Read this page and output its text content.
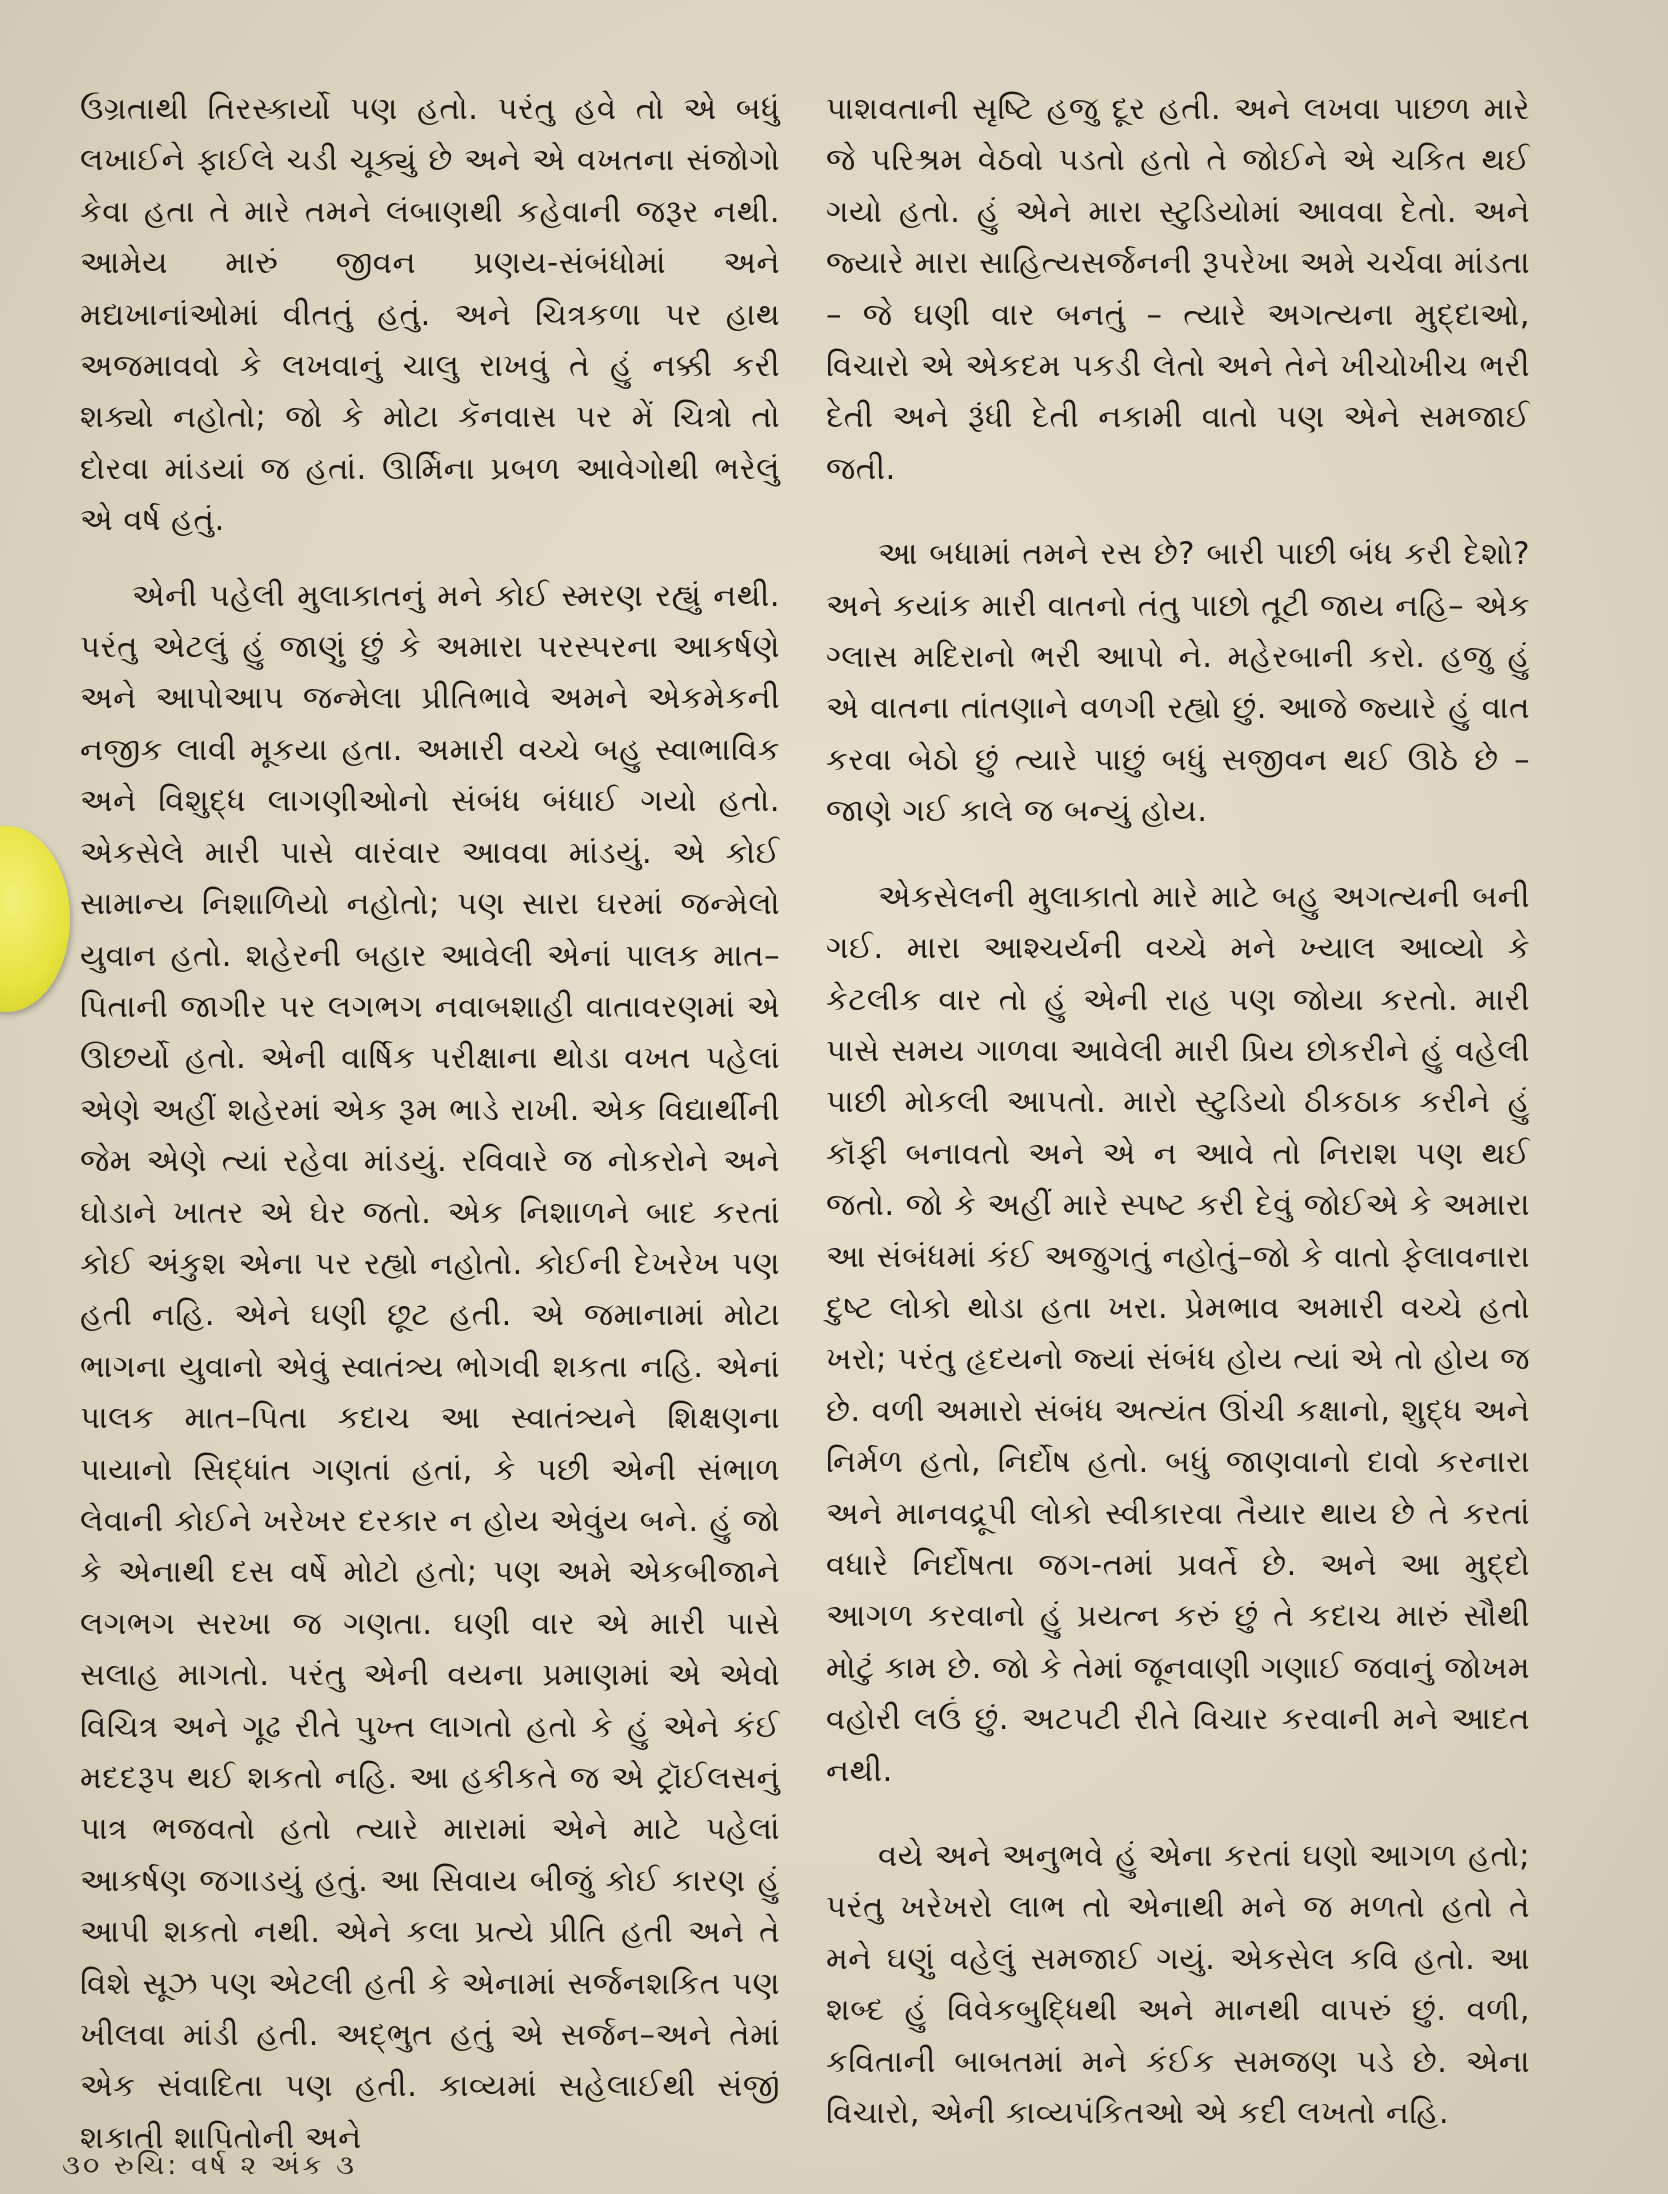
ઉગ્રતાથી તિરસ્કાર્યો પણ હતો. પરંતુ હવે તો એ બધું લખાઈને ફાઈલે ચડી ચૂક્યું છે અને એ વખતના સંજોગો કેવા હતા તે મારે તમને લંબાણથી કહેવાની જરૂર નથી. આમેય મારું જીવન પ્રણય-સંબંધોમાં અને મદ્યખાનાંઓમાં વીતતું હતું. અને ચિત્રકળા પર હાથ અજમાવવો કે લખવાનું ચાલુ રાખવું તે હું નક્કી કરી શક્યો નહોતો; જો કે મોટા કૅનવાસ પર મેં ચિત્રો તો દોરવા માંડયાં જ હતાં. ઊર્મિના પ્રબળ આવેગોથી ભરેલું એ વર્ષ હતું.

એની પહેલી મુલાકાતનું મને કોઈ સ્મરણ રહ્યું નથી. પરંતુ એટલું હું જાણું છું કે અમારા પરસ્પરના આકર્ષણે અને આપોઆપ જન્મેલા પ્રીતિભાવે અમને એકમેકની નજીક લાવી મૂકયા હતા. અમારી વચ્ચે બહુ સ્વાભાવિક અને વિશુદ્ધ લાગણીઓનો સંબંધ બંધાઈ ગયો હતો. એકસેલે મારી પાસે વારંવાર આવવા માંડયું. એ કોઈ સામાન્ય નિશાળિયો નહોતો; પણ સારા ઘરમાં જન્મેલો યુવાન હતો. શહેરની બહાર આવેલી એનાં પાલક માત–પિતાની જાગીર પર લગભગ નવાબશાહી વાતાવરણમાં એ ઊછર્યો હતો. એની વાર્ષિક પરીક્ષાના થોડા વખત પહેલાં એણે અહીં શહેરમાં એક રૂમ ભાડે રાખી. એક વિદ્યાર્થીની જેમ એણે ત્યાં રહેવા માંડયું. રવિવારે જ નોકરોને અને ઘોડાને ખાતર એ ઘેર જતો. એક નિશાળને બાદ કરતાં કોઈ અંકુશ એના પર રહ્યો નહોતો. કોઈની દેખરેખ પણ હતી નહિ. એને ઘણી છૂટ હતી. એ જમાનામાં મોટા ભાગના યુવાનો એવું સ્વાતંત્ર્ય ભોગવી શકતા નહિ. એનાં પાલક માત–પિતા કદાચ આ સ્વાતંત્ર્યને શિક્ષણના પાયાનો સિદ્ધાંત ગણતાં હતાં, કે પછી એની સંભાળ લેવાની કોઈને ખરેખર દરકાર ન હોય એવુંય બને. હું જો કે એનાથી દસ વર્ષે મોટો હતો; પણ અમે એકબીજાને લગભગ સરખા જ ગણતા. ઘણી વાર એ મારી પાસે સલાહ માગતો. પરંતુ એની વયના પ્રમાણમાં એ એવો વિચિત્ર અને ગૂઢ રીતે પુખ્ત લાગતો હતો કે હું એને કંઈ મદદરૂપ થઈ શકતો નહિ. આ હકીકતે જ એ ટ્રૉઈલસનું પાત્ર ભજવતો હતો ત્યારે મારામાં એને માટે પહેલાં આકર્ષણ જગાડયું હતું. આ સિવાય બીજું કોઈ કારણ હું આપી શકતો નથી. એને કલા પ્રત્યે પ્રીતિ હતી અને તે વિશે સૂઝ પણ એટલી હતી કે એનામાં સર્જનશકિત પણ ખીલવા માંડી હતી. અદ્‌ભુત હતું એ સર્જન–અને તેમાં એક સંવાદિતા પણ હતી. કાવ્યમાં સહેલાઈથી સંજીં શકાતી શાપિતોની અને

પાશવતાની સૃષ્ટિ હજુ દૂર હતી. અને લખવા પાછળ મારે જે પરિશ્રમ વેઠવો પડતો હતો તે જોઈને એ ચકિત થઈ ગયો હતો. હું એને મારા સ્ટુડિયોમાં આવવા દેતો. અને જ્યારે મારા સાહિત્યસર્જનની રૂપરેખા અમે ચર્ચવા માંડતા – જે ઘણી વાર બનતું – ત્યારે અગત્યના મુદ્દાઓ, વિચારો એ એકદમ પકડી લેતો અને તેને ખીચોખીચ ભરી દેતી અને રૂંધી દેતી નકામી વાતો પણ એને સમજાઈ જતી.

આ બધામાં તમને રસ છે? બારી પાછી બંધ કરી દેશો? અને કયાંક મારી વાતનો તંતુ પાછો તૂટી જાય નહિ– એક ગ્લાસ મદિરાનો ભરી આપો ને. મહેરબાની કરો. હજુ હું એ વાતના તાંતણાને વળગી રહ્યો છું. આજે જ્યારે હું વાત કરવા બેઠો છું ત્યારે પાછું બધું સજીવન થઈ ઊઠે છે – જાણે ગઈ કાલે જ બન્યું હોય.

એકસેલની મુલાકાતો મારે માટે બહુ અગત્યની બની ગઈ. મારા આશ્ચર્યની વચ્ચે મને ખ્યાલ આવ્યો કે કેટલીક વાર તો હું એની રાહ પણ જોયા કરતો. મારી પાસે સમય ગાળવા આવેલી મારી પ્રિય છોકરીને હું વહેલી પાછી મોકલી આપતો. મારો સ્ટુડિયો ઠીકઠાક કરીને હું કૉફી બનાવતો અને એ ન આવે તો નિરાશ પણ થઈ જતો. જો કે અહીં મારે સ્પષ્ટ કરી દેવું જોઈએ કે અમારા આ સંબંધમાં કંઈ અજુગતું નહોતું–જો કે વાતો ફેલાવનારા દુષ્ટ લોકો થોડા હતા ખરા. પ્રેમભાવ અમારી વચ્ચે હતો ખરો; પરંતુ હૃદયનો જ્યાં સંબંધ હોય ત્યાં એ તો હોય જ છે. વળી અમારો સંબંધ અત્યંત ઊંચી કક્ષાનો, શુદ્ધ અને નિર્મળ હતો, નિર્દોષ હતો. બધું જાણવાનો દાવો કરનારા અને માનવદ્રૂપી લોકો સ્વીકારવા તૈયાર થાય છે તે કરતાં વધારે નિર્દોષતા જગ-તમાં પ્રવર્તે છે. અને આ મુદ્દો આગળ કરવાનો હું પ્રયત્ન કરું છું તે કદાચ મારું સૌથી મોટું કામ છે. જો કે તેમાં જૂનવાણી ગણાઈ જવાનું જોખમ વહોરી લઉં છું. અટપટી રીતે વિચાર કરવાની મને આદત નથી.

વયે અને અનુભવે હું એના કરતાં ઘણો આગળ હતો; પરંતુ ખરેખરો લાભ તો એનાથી મને જ મળતો હતો તે મને ઘણું વહેલું સમજાઈ ગયું. એકસેલ કવિ હતો. આ શબ્દ હું વિવેકબુદ્ધિથી અને માનથી વાપરું છું. વળી, કવિતાની બાબતમાં મને કંઈક સમજણ પડે છે. એના વિચારો, એની કાવ્યપંકિતઓ એ કદી લખતો નહિ.

૩૦ રુચિ: વર્ષ ૨ અંક ૩
